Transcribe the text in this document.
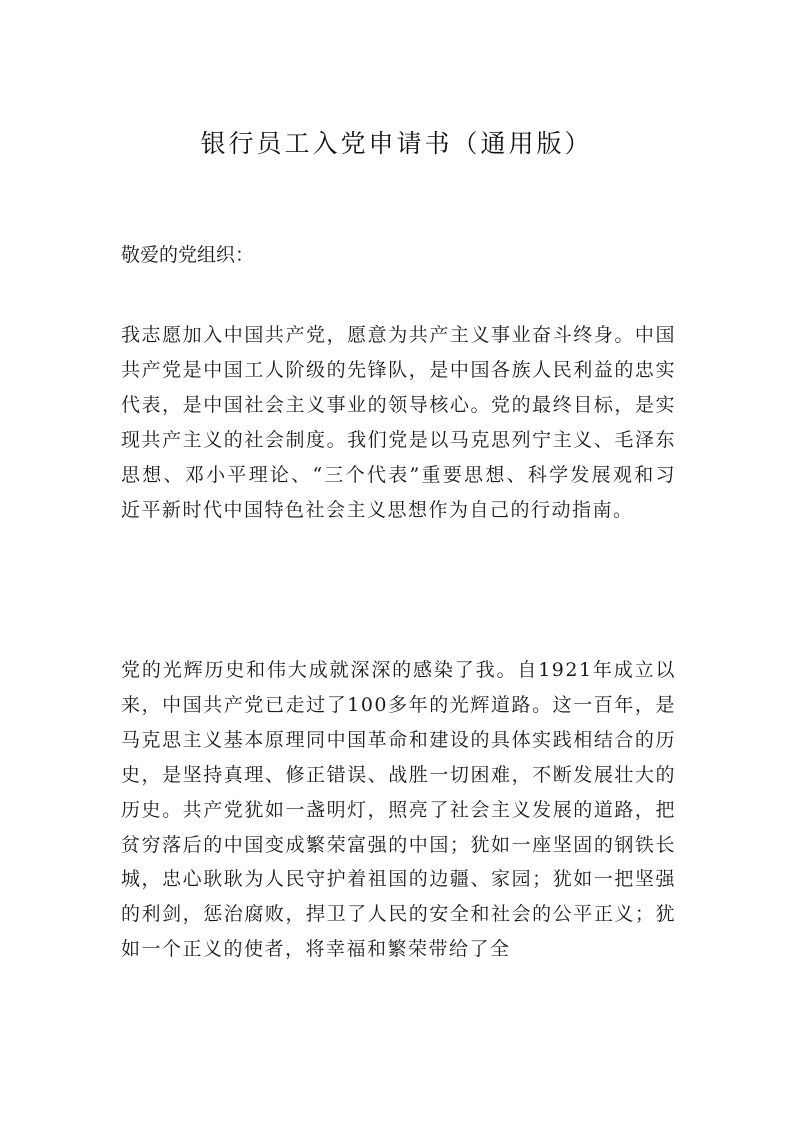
银行员工入党申请书（通用版）
敬爱的党组织：

我志愿加入中国共产党，愿意为共产主义事业奋斗终身。中国共产党是中国工人阶级的先锋队，是中国各族人民利益的忠实代表，是中国社会主义事业的领导核心。党的最终目标，是实现共产主义的社会制度。我们党是以马克思列宁主义、毛泽东思想、邓小平理论、“三个代表”重要思想、科学发展观和习近平新时代中国特色社会主义思想作为自己的行动指南。

党的光辉历史和伟大成就深深的感染了我。自1921年成立以来，中国共产党已走过了100多年的光辉道路。这一百年，是马克思主义基本原理同中国革命和建设的具体实践相结合的历史，是坚持真理、修正错误、战胜一切困难，不断发展壮大的历史。共产党犹如一盏明灯，照亮了社会主义发展的道路，把贫穷落后的中国变成繁荣富强的中国；犹如一座坚固的钢铁长城，忠心耿耿为人民守护着祖国的边疆、家园；犹如一把坚强的利剑，惩治腐败，捍卫了人民的安全和社会的公平正义；犹如一个正义的使者，将幸福和繁荣带给了全
